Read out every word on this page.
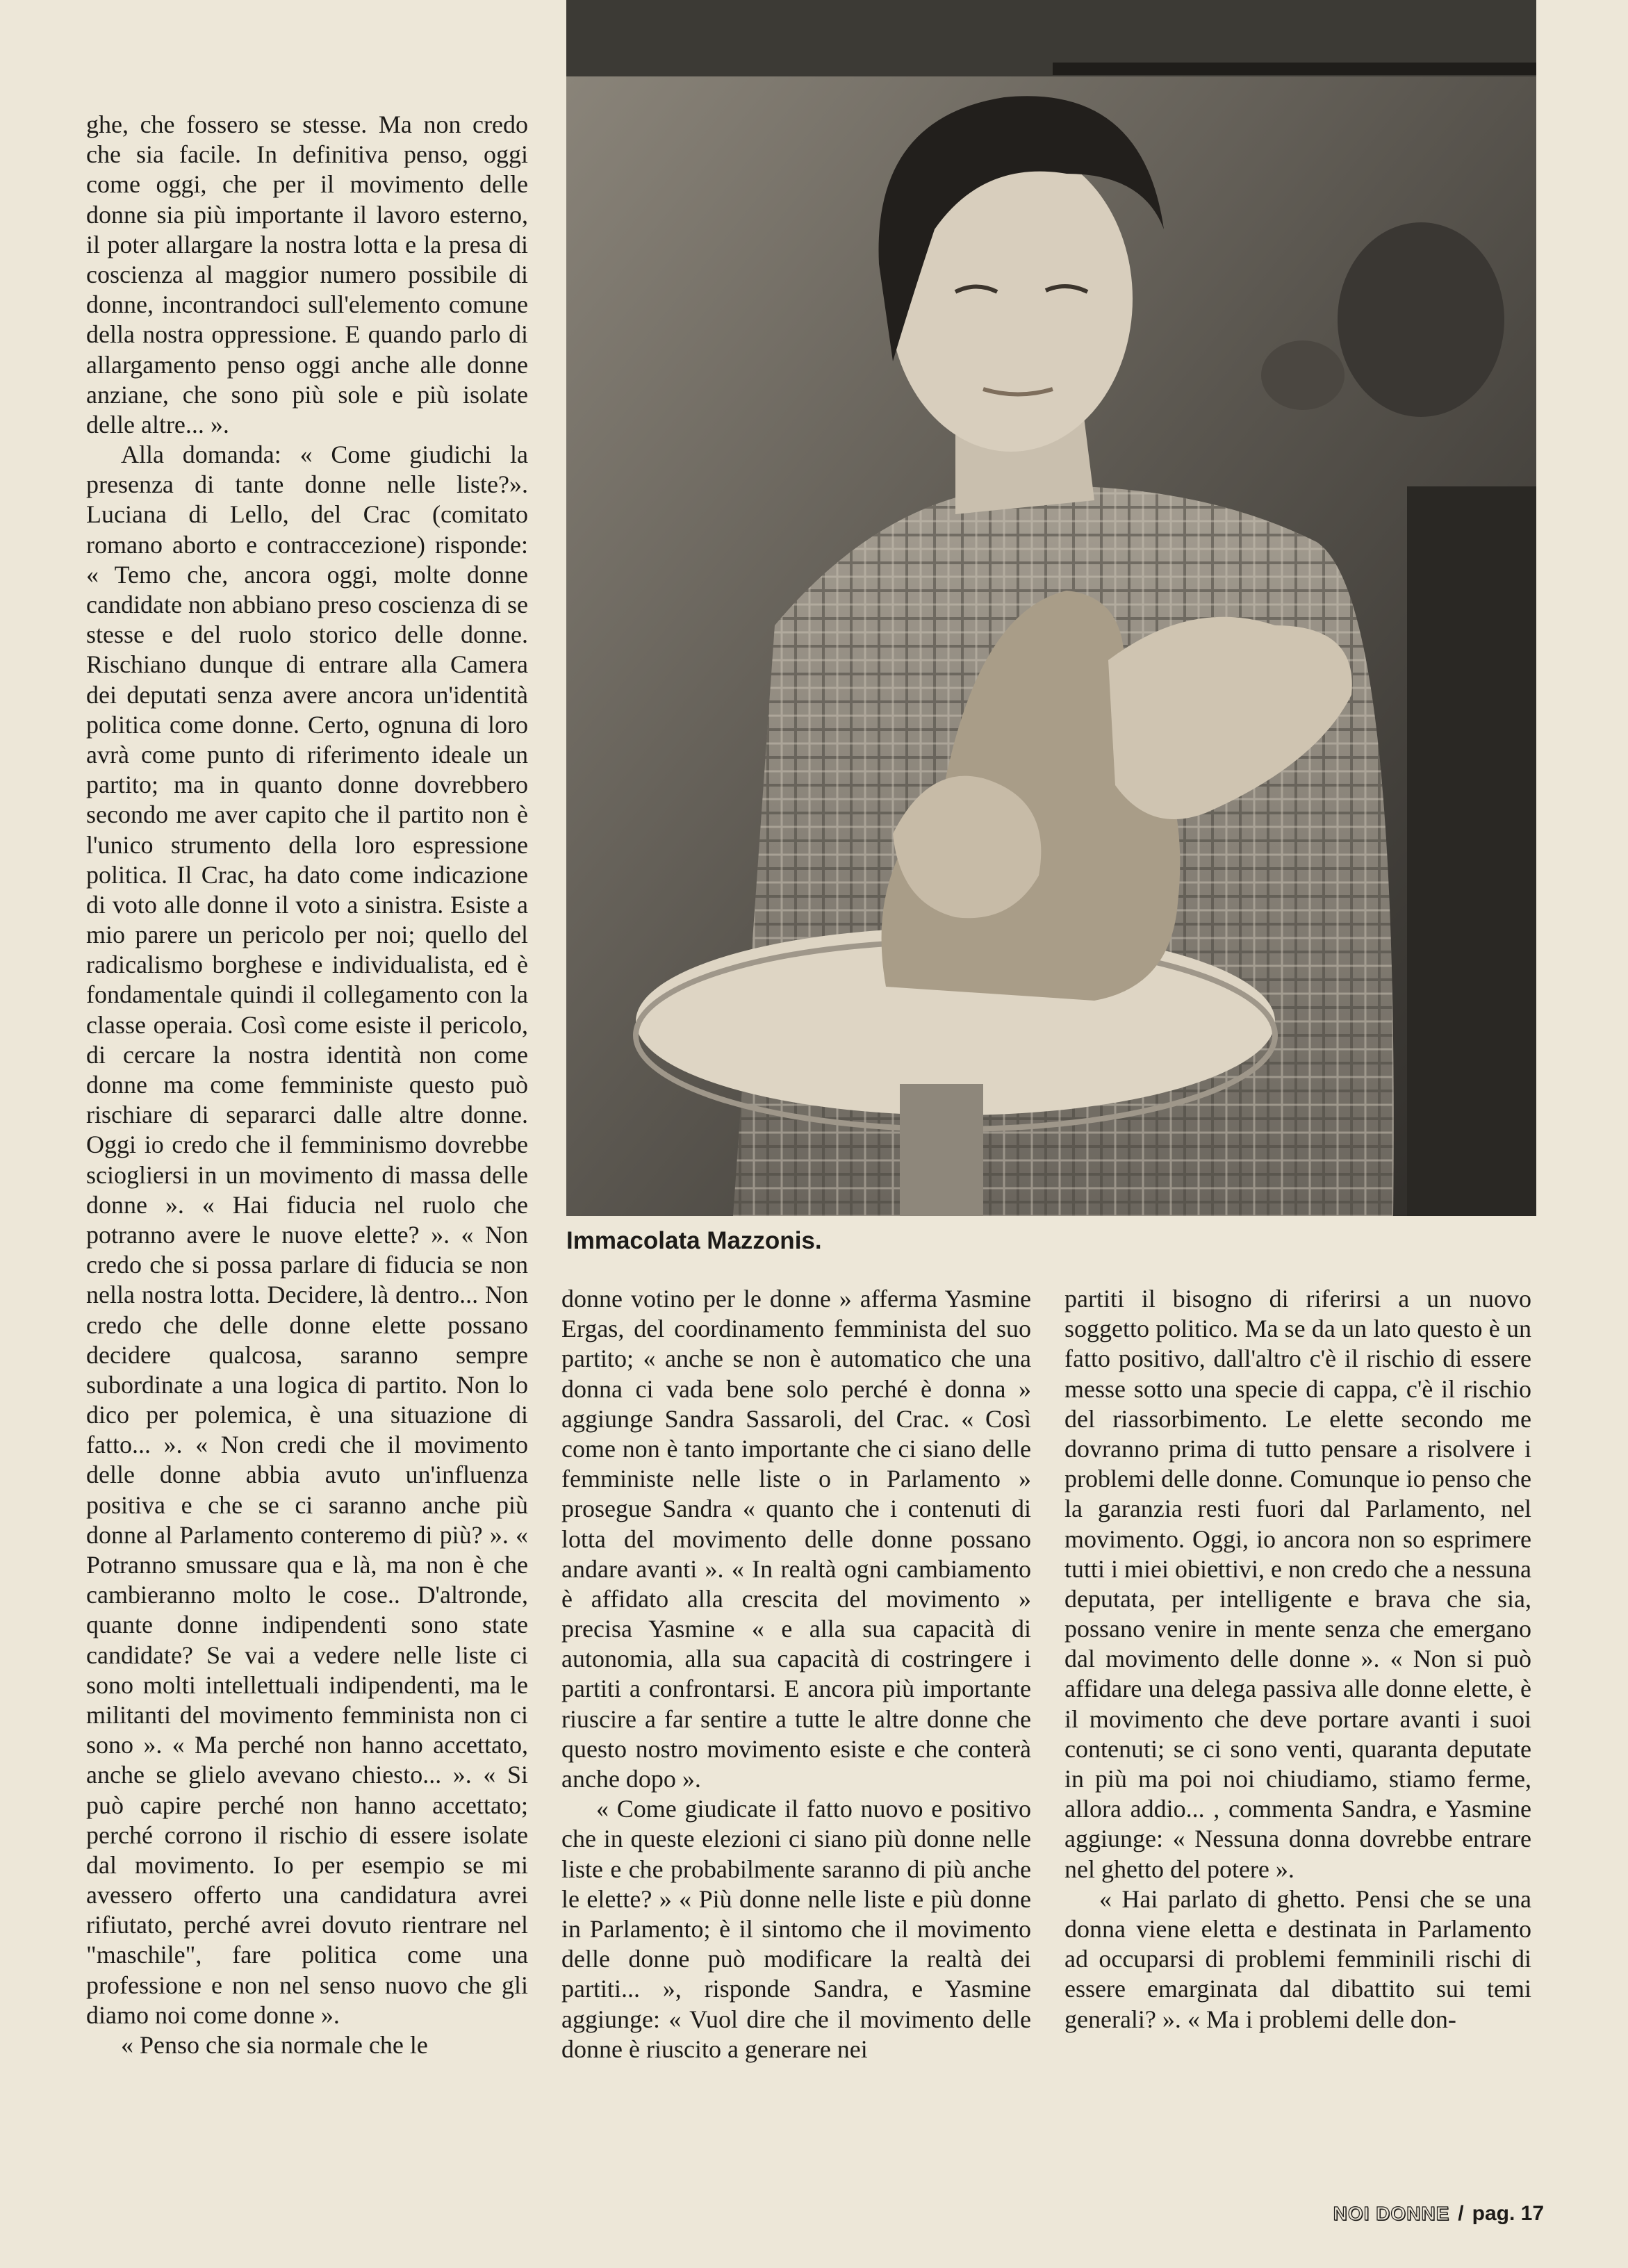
ghe, che fossero se stesse. Ma non credo che sia facile. In definitiva penso, oggi come oggi, che per il movimento delle donne sia più importante il lavoro esterno, il poter allargare la nostra lotta e la presa di coscienza al maggior numero possibile di donne, incontrandoci sull'elemento comune della nostra oppressione. E quando parlo di allargamento penso oggi anche alle donne anziane, che sono più sole e più isolate delle altre... ».

Alla domanda: « Come giudichi la presenza di tante donne nelle liste?». Luciana di Lello, del Crac (comitato romano aborto e contraccezione) risponde: « Temo che, ancora oggi, molte donne candidate non abbiano preso coscienza di se stesse e del ruolo storico delle donne. Rischiano dunque di entrare alla Camera dei deputati senza avere ancora un'identità politica come donne. Certo, ognuna di loro avrà come punto di riferimento ideale un partito; ma in quanto donne dovrebbero secondo me aver capito che il partito non è l'unico strumento della loro espressione politica. Il Crac, ha dato come indicazione di voto alle donne il voto a sinistra. Esiste a mio parere un pericolo per noi; quello del radicalismo borghese e individualista, ed è fondamentale quindi il collegamento con la classe operaia. Così come esiste il pericolo, di cercare la nostra identità non come donne ma come femministe questo può rischiare di separarci dalle altre donne. Oggi io credo che il femminismo dovrebbe sciogliersi in un movimento di massa delle donne ». « Hai fiducia nel ruolo che potranno avere le nuove elette? ». « Non credo che si possa parlare di fiducia se non nella nostra lotta. Decidere, là dentro... Non credo che delle donne elette possano decidere qualcosa, saranno sempre subordinate a una logica di partito. Non lo dico per polemica, è una situazione di fatto... ». « Non credi che il movimento delle donne abbia avuto un'influenza positiva e che se ci saranno anche più donne al Parlamento conteremo di più? ». « Potranno smussare qua e là, ma non è che cambieranno molto le cose.. D'altronde, quante donne indipendenti sono state candidate? Se vai a vedere nelle liste ci sono molti intellettuali indipendenti, ma le militanti del movimento femminista non ci sono ». « Ma perché non hanno accettato, anche se glielo avevano chiesto... ». « Si può capire perché non hanno accettato; perché corrono il rischio di essere isolate dal movimento. Io per esempio se mi avessero offerto una candidatura avrei rifiutato, perché avrei dovuto rientrare nel "maschile", fare politica come una professione e non nel senso nuovo che gli diamo noi come donne ».

« Penso che sia normale che le

Immacolata Mazzonis.

donne votino per le donne » afferma Yasmine Ergas, del coordinamento femminista del suo partito; « anche se non è automatico che una donna ci vada bene solo perché è donna » aggiunge Sandra Sassaroli, del Crac. « Così come non è tanto importante che ci siano delle femministe nelle liste o in Parlamento » prosegue Sandra « quanto che i contenuti di lotta del movimento delle donne possano andare avanti ». « In realtà ogni cambiamento è affidato alla crescita del movimento » precisa Yasmine « e alla sua capacità di autonomia, alla sua capacità di costringere i partiti a confrontarsi. E ancora più importante riuscire a far sentire a tutte le altre donne che questo nostro movimento esiste e che conterà anche dopo ».

« Come giudicate il fatto nuovo e positivo che in queste elezioni ci siano più donne nelle liste e che probabilmente saranno di più anche le elette? » « Più donne nelle liste e più donne in Parlamento; è il sintomo che il movimento delle donne può modificare la realtà dei partiti... », risponde Sandra, e Yasmine aggiunge: « Vuol dire che il movimento delle donne è riuscito a generare nei

partiti il bisogno di riferirsi a un nuovo soggetto politico. Ma se da un lato questo è un fatto positivo, dall'altro c'è il rischio di essere messe sotto una specie di cappa, c'è il rischio del riassorbimento. Le elette secondo me dovranno prima di tutto pensare a risolvere i problemi delle donne. Comunque io penso che la garanzia resti fuori dal Parlamento, nel movimento. Oggi, io ancora non so esprimere tutti i miei obiettivi, e non credo che a nessuna deputata, per intelligente e brava che sia, possano venire in mente senza che emergano dal movimento delle donne ». « Non si può affidare una delega passiva alle donne elette, è il movimento che deve portare avanti i suoi contenuti; se ci sono venti, quaranta deputate in più ma poi noi chiudiamo, stiamo ferme, allora addio... , commenta Sandra, e Yasmine aggiunge: « Nessuna donna dovrebbe entrare nel ghetto del potere ».

« Hai parlato di ghetto. Pensi che se una donna viene eletta e destinata in Parlamento ad occuparsi di problemi femminili rischi di essere emarginata dal dibattito sui temi generali? ». « Ma i problemi delle don-

NOI DONNE / pag. 17
